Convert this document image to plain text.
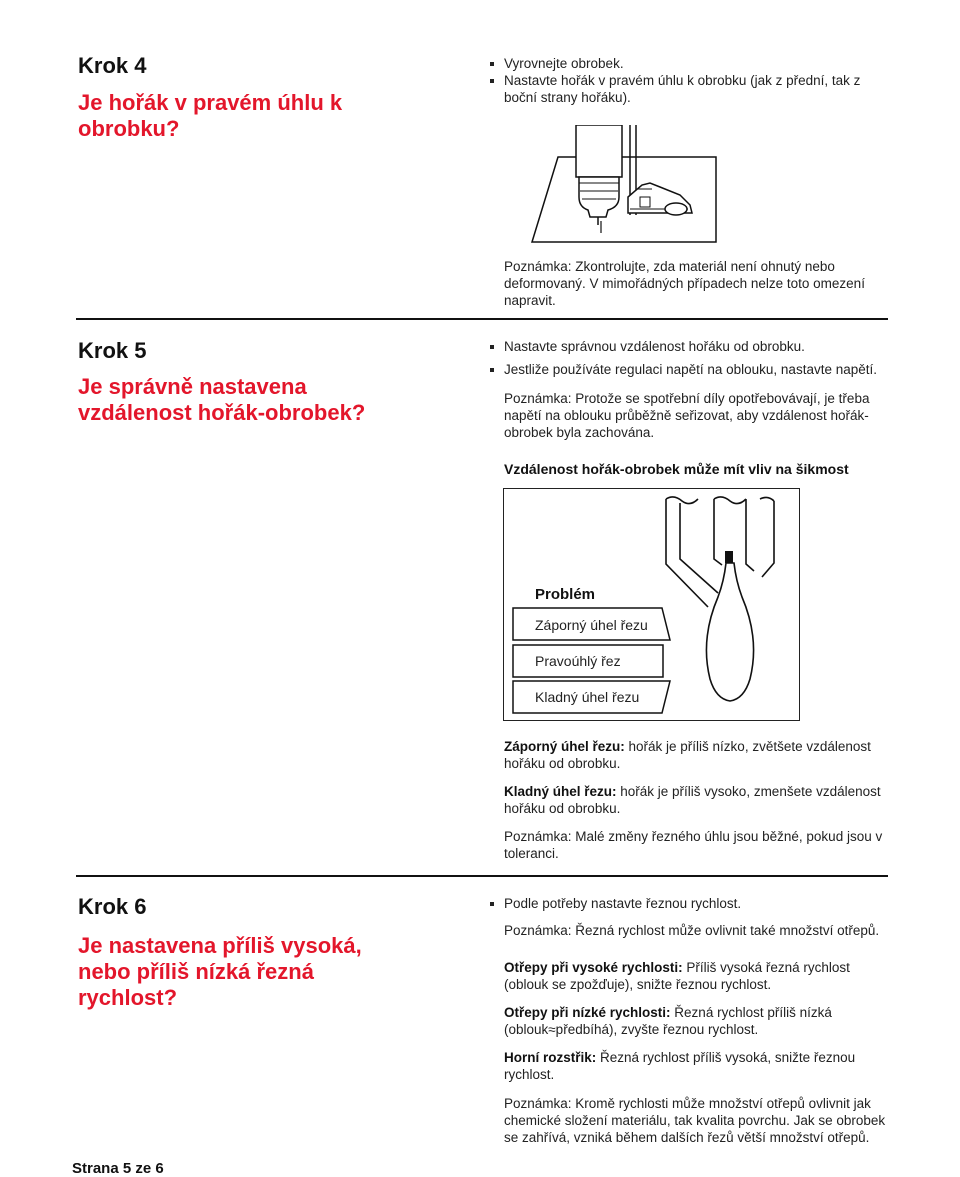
Krok 4
Je hořák v pravém úhlu k obrobku?
Vyrovnejte obrobek.
Nastavte hořák v pravém úhlu k obrobku (jak z přední, tak z boční strany hořáku).
Poznámka: Zkontrolujte, zda materiál není ohnutý nebo deformovaný. V mimořádných případech nelze toto omezení napravit.
Krok 5
Je správně nastavena vzdálenost hořák-obrobek?
Nastavte správnou vzdálenost hořáku od obrobku.
Jestliže používáte regulaci napětí na oblouku, nastavte napětí.
Poznámka: Protože se spotřební díly opotřebovávají, je třeba napětí na oblouku průběžně seřizovat, aby vzdálenost hořák-obrobek byla zachována.
Vzdálenost hořák-obrobek může mít vliv na šikmost
Problém
Záporný úhel řezu
Pravoúhlý řez
Kladný úhel řezu
Záporný úhel řezu: hořák je příliš nízko, zvětšete vzdálenost hořáku od obrobku.
Kladný úhel řezu: hořák je příliš vysoko, zmenšete vzdálenost hořáku od obrobku.
Poznámka: Malé změny řezného úhlu jsou běžné, pokud jsou v toleranci.
Krok 6
Je nastavena příliš vysoká, nebo příliš nízká řezná rychlost?
Podle potřeby nastavte řeznou rychlost.
Poznámka: Řezná rychlost může ovlivnit také množství otřepů.
Otřepy při vysoké rychlosti: Příliš vysoká řezná rychlost (oblouk se zpožďuje), snižte řeznou rychlost.
Otřepy při nízké rychlosti: Řezná rychlost příliš nízká (oblouk≈předbíhá), zvyšte řeznou rychlost.
Horní rozstřik: Řezná rychlost příliš vysoká, snižte řeznou rychlost.
Poznámka: Kromě rychlosti může množství otřepů ovlivnit jak chemické složení materiálu, tak kvalita povrchu. Jak se obrobek se zahřívá, vzniká během dalších řezů větší množství otřepů.
Strana 5 ze 6
